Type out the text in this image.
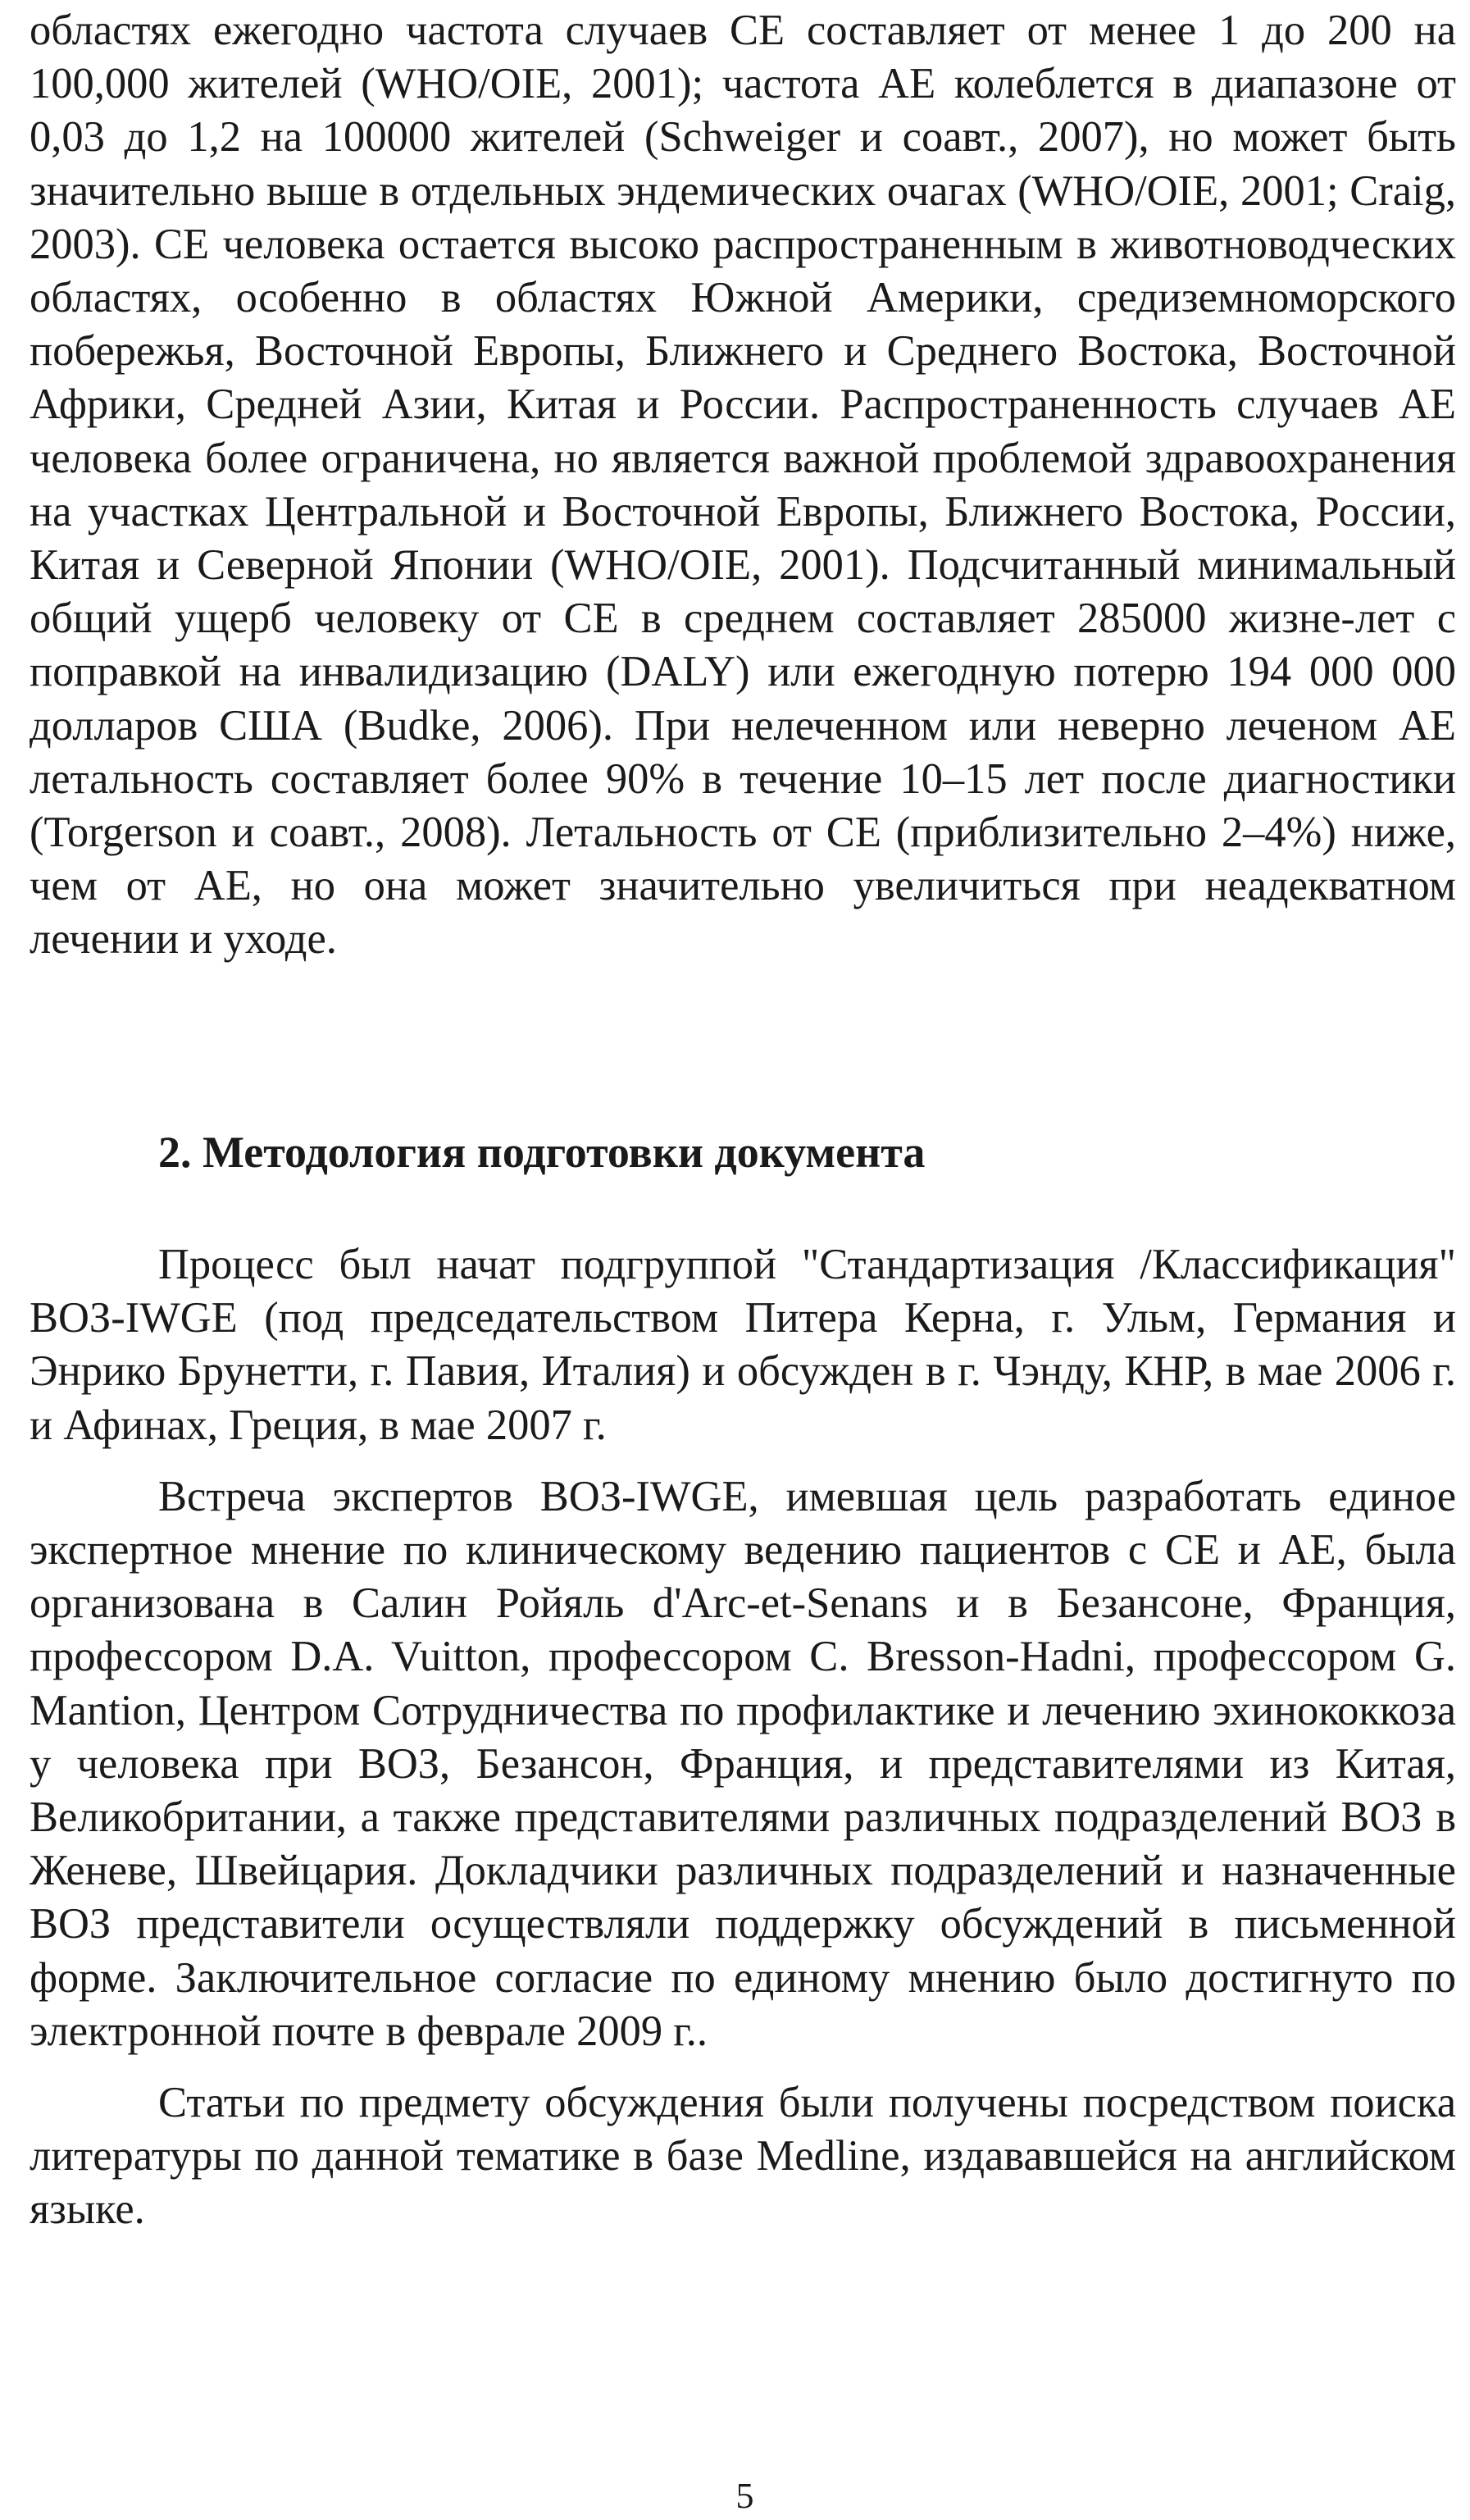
областях ежегодно частота случаев СЕ составляет от менее 1 до 200 на 100,000 жителей (WHO/OIE, 2001); частота АЕ колеблется в диапазоне от 0,03 до 1,2 на 100000 жителей (Schweiger и соавт., 2007), но может быть значительно выше в отдельных эндемических очагах (WHO/OIE, 2001; Craig, 2003). СЕ человека остается высоко распространенным в животноводческих областях, особенно в областях Южной Америки, средиземноморского побережья, Восточной Европы, Ближнего и Среднего Востока, Восточной Африки, Средней Азии, Китая и России. Распространенность случаев АЕ человека более ограничена, но является важной проблемой здравоохранения на участках Центральной и Восточной Европы, Ближнего Востока, России, Китая и Северной Японии (WHO/OIE, 2001). Подсчитанный минимальный общий ущерб человеку от СЕ в среднем составляет 285000 жизне-лет с поправкой на инвалидизацию (DALY) или ежегодную потерю 194 000 000 долларов США (Budke, 2006). При нелеченном или неверно леченом АЕ летальность составляет более 90% в течение 10–15 лет после диагностики (Torgerson и соавт., 2008). Летальность от СЕ (приблизительно 2–4%) ниже, чем от АЕ, но она может значительно увеличиться при неадекватном лечении и уходе.

2. Методология подготовки документа

Процесс был начат подгруппой "Стандартизация /Классификация" ВОЗ-IWGE (под председательством Питера Керна, г. Ульм, Германия и Энрико Брунетти, г. Павия, Италия) и обсужден в г. Чэнду, КНР, в мае 2006 г. и Афинах, Греция, в мае 2007 г.

Встреча экспертов ВОЗ-IWGE, имевшая цель разработать единое экспертное мнение по клиническому ведению пациентов с СЕ и АЕ, была организована в Салин Ройяль d'Arc-et-Senans и в Безансоне, Франция, профессором D.A. Vuitton, профессором C. Bresson-Hadni, профессором G. Mantion, Центром Сотрудничества по профилактике и лечению эхинококкоза у человека при ВОЗ, Безансон, Франция, и представителями из Китая, Великобритании, а также представителями различных подразделений ВОЗ в Женеве, Швейцария. Докладчики различных подразделений и назначенные ВОЗ представители осуществляли поддержку обсуждений в письменной форме. Заключительное согласие по единому мнению было достигнуто по электронной почте в феврале 2009 г..

Статьи по предмету обсуждения были получены посредством поиска литературы по данной тематике в базе Medline, издававшейся на английском языке.

5
